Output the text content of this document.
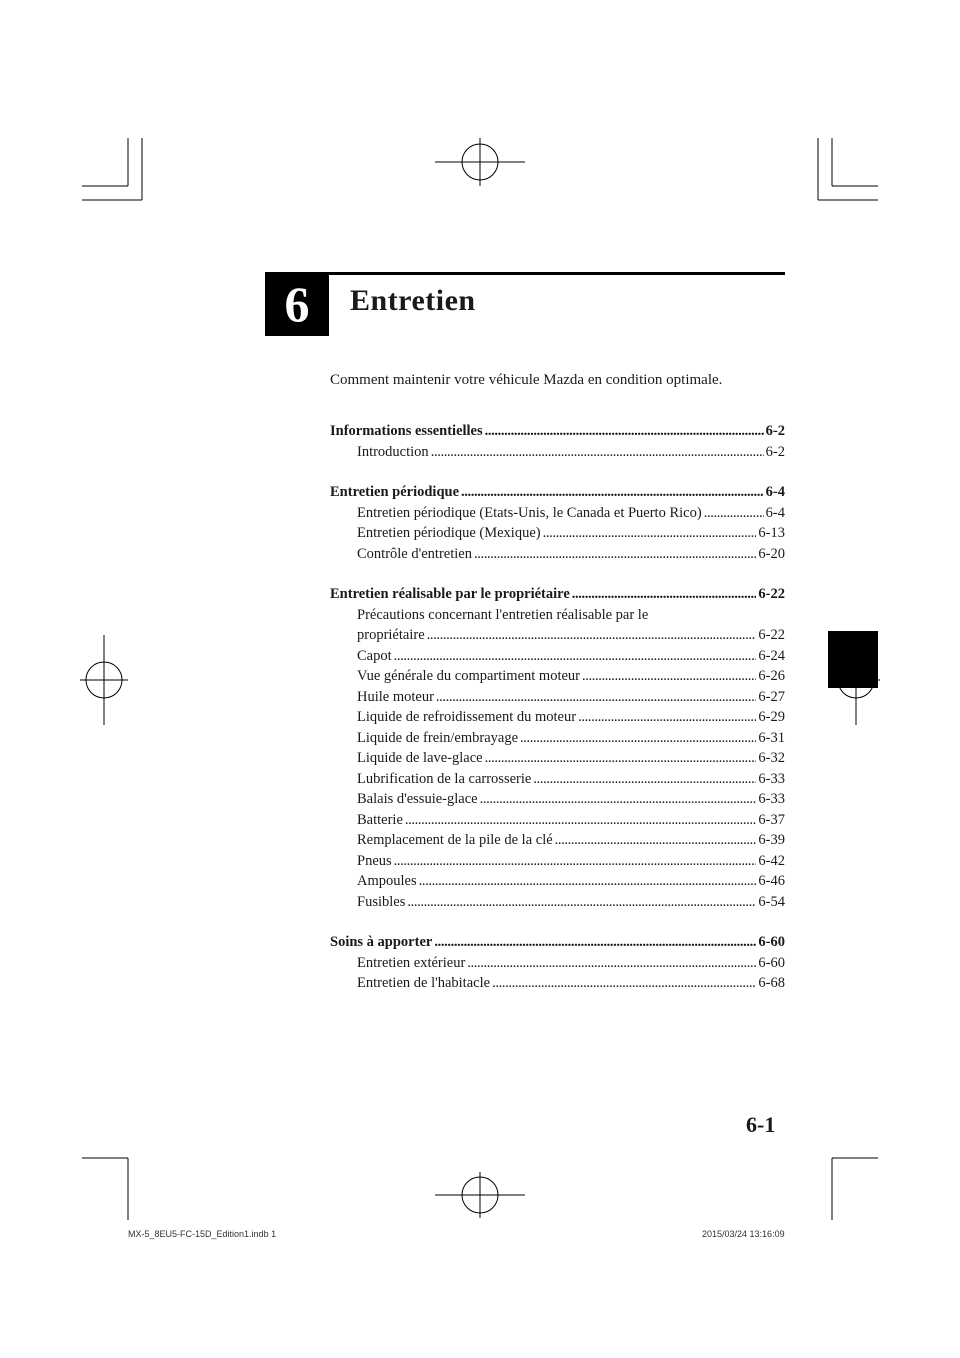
6 Entretien
Comment maintenir votre véhicule Mazda en condition optimale.
Informations essentielles . . .	6-2
Introduction . . .	6-2
Entretien périodique . . .	6-4
Entretien périodique (Etats-Unis, le Canada et Puerto Rico) . . .	6-4
Entretien périodique (Mexique) . . .	6-13
Contrôle d'entretien . . .	6-20
Entretien réalisable par le propriétaire . . .	6-22
Précautions concernant l'entretien réalisable par le
propriétaire . . .	6-22
Capot . . .	6-24
Vue générale du compartiment moteur . . .	6-26
Huile moteur . . .	6-27
Liquide de refroidissement du moteur . . .	6-29
Liquide de frein/embrayage . . .	6-31
Liquide de lave-glace . . .	6-32
Lubrification de la carrosserie . . .	6-33
Balais d'essuie-glace . . .	6-33
Batterie . . .	6-37
Remplacement de la pile de la clé . . .	6-39
Pneus . . .	6-42
Ampoules . . .	6-46
Fusibles . . .	6-54
Soins à apporter . . .	6-60
Entretien extérieur . . .	6-60
Entretien de l'habitacle . . .	6-68
6-1
MX-5_8EU5-FC-15D_Edition1.indb 1	2015/03/24 13:16:09
